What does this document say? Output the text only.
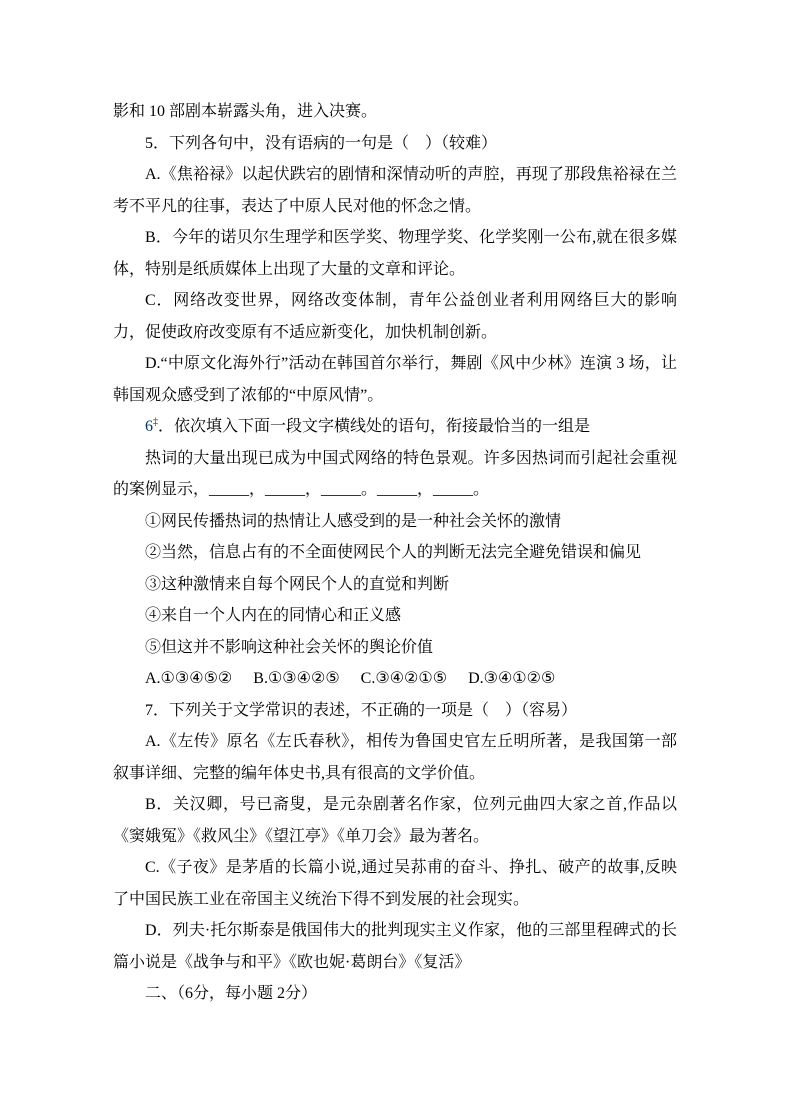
影和 10 部剧本崭露头角，进入决赛。

5．下列各句中，没有语病的一句是（　）（较难）

A.《焦裕禄》以起伏跌宕的剧情和深情动听的声腔，再现了那段焦裕禄在兰考不平凡的往事，表达了中原人民对他的怀念之情。

B．今年的诺贝尔生理学和医学奖、物理学奖、化学奖刚一公布,就在很多媒体，特别是纸质媒体上出现了大量的文章和评论。

C．网络改变世界，网络改变体制，青年公益创业者利用网络巨大的影响力，促使政府改变原有不适应新变化，加快机制创新。

D.“中原文化海外行”活动在韩国首尔举行，舞剧《风中少林》连演 3 场，让韩国观众感受到了浓郁的“中原风情”。

6‡．依次填入下面一段文字横线处的语句，衔接最恰当的一组是

热词的大量出现已成为中国式网络的特色景观。许多因热词而引起社会重视的案例显示，_____，_____，_____。_____，_____。

①网民传播热词的热情让人感受到的是一种社会关怀的激情

②当然，信息占有的不全面使网民个人的判断无法完全避免错误和偏见

③这种激情来自每个网民个人的直觉和判断

④来自一个人内在的同情心和正义感

⑤但这并不影响这种社会关怀的舆论价值

A.①③④⑤② B.①③④②⑤ C.③④②①⑤ D.③④①②⑤

7．下列关于文学常识的表述，不正确的一项是（　）（容易）

A.《左传》原名《左氏春秋》，相传为鲁国史官左丘明所著，是我国第一部叙事详细、完整的编年体史书,具有很高的文学价值。

B．关汉卿，号已斋叟，是元杂剧著名作家，位列元曲四大家之首,作品以《窦娥冤》《救风尘》《望江亭》《单刀会》最为著名。

C.《子夜》是茅盾的长篇小说,通过吴荪甫的奋斗、挣扎、破产的故事,反映了中国民族工业在帝国主义统治下得不到发展的社会现实。

D．列夫·托尔斯泰是俄国伟大的批判现实主义作家，他的三部里程碑式的长篇小说是《战争与和平》《欧也妮·葛朗台》《复活》

二、（6分，每小题 2分）
